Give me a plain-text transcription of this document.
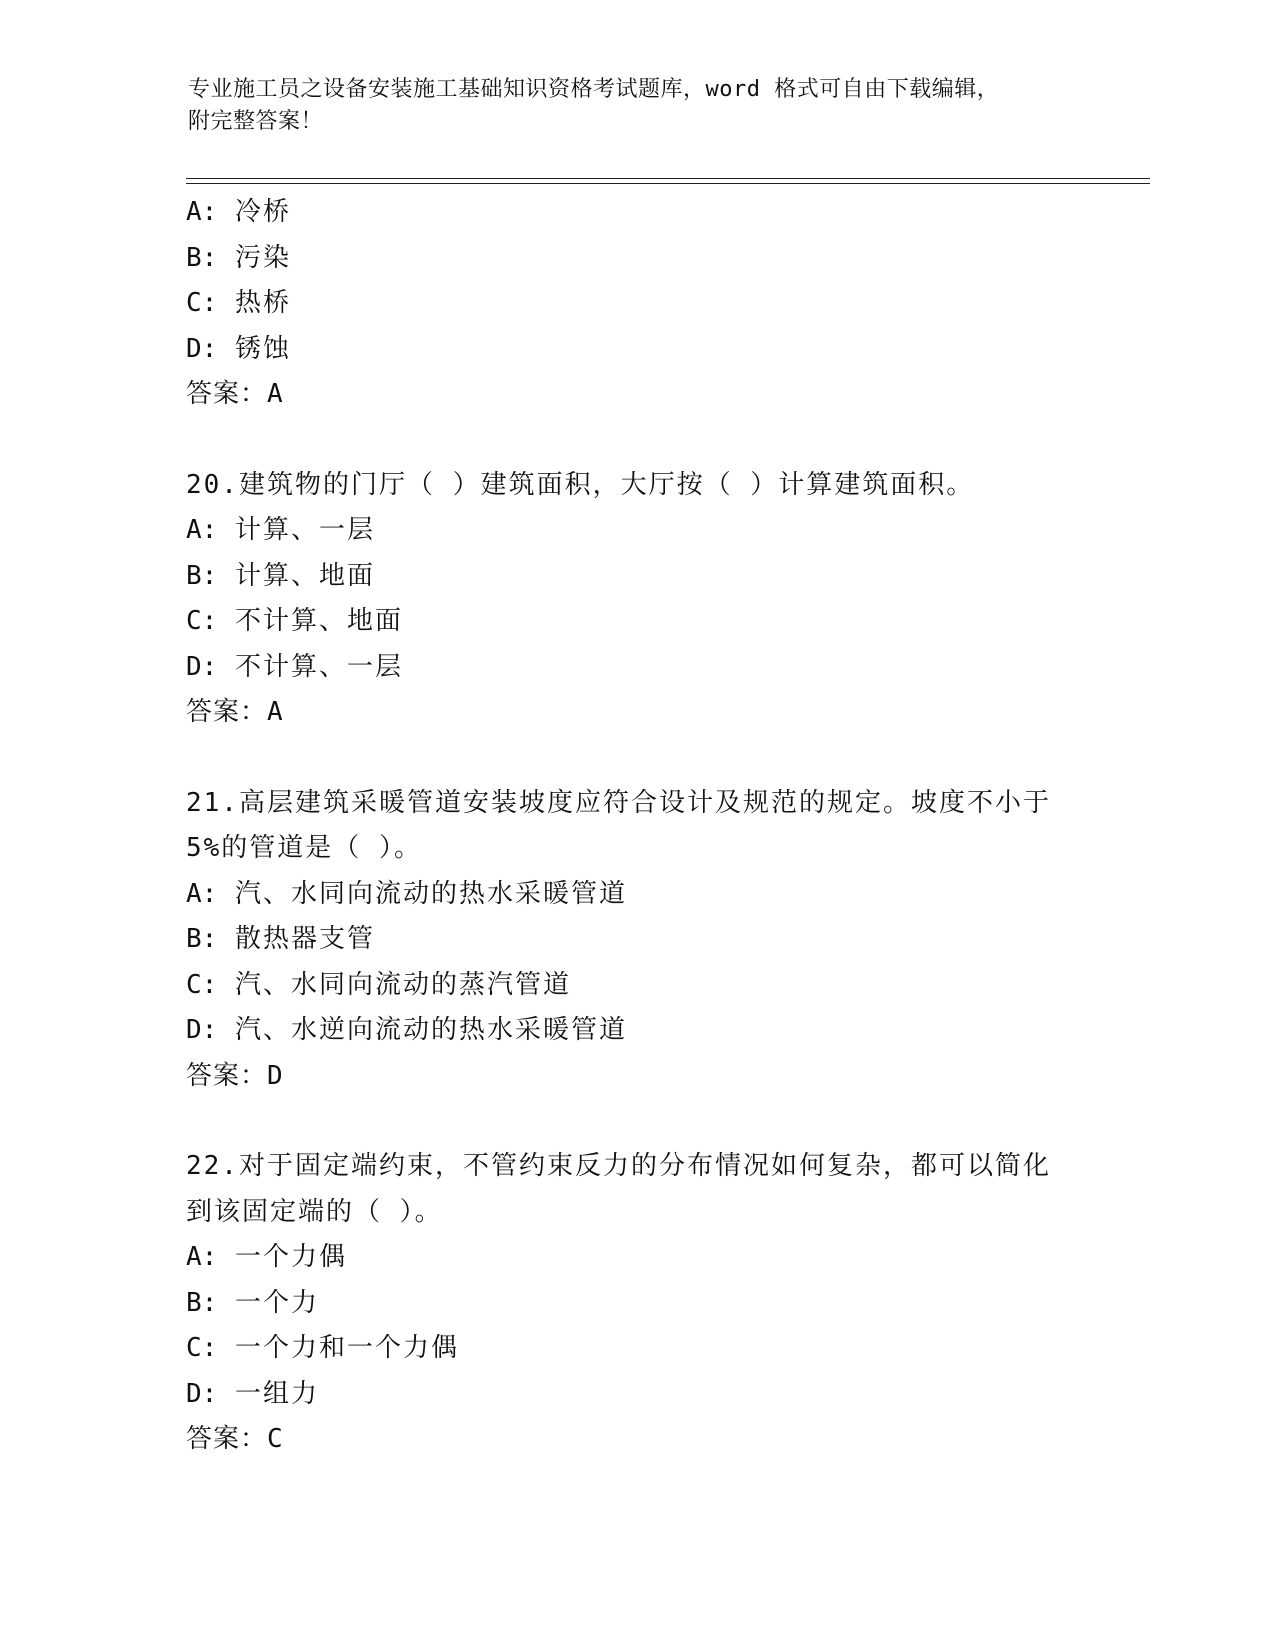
专业施工员之设备安装施工基础知识资格考试题库，word 格式可自由下载编辑，
附完整答案！
A: 冷桥
B: 污染
C: 热桥
D: 锈蚀
答案：A
20.建筑物的门厅（ ）建筑面积，大厅按（ ）计算建筑面积。
A: 计算、一层
B: 计算、地面
C: 不计算、地面
D: 不计算、一层
答案：A
21.高层建筑采暖管道安装坡度应符合设计及规范的规定。坡度不小于
5%的管道是（ ）。
A: 汽、水同向流动的热水采暖管道
B: 散热器支管
C: 汽、水同向流动的蒸汽管道
D: 汽、水逆向流动的热水采暖管道
答案：D
22.对于固定端约束，不管约束反力的分布情况如何复杂，都可以简化
到该固定端的（ ）。
A: 一个力偶
B: 一个力
C: 一个力和一个力偶
D: 一组力
答案：C
